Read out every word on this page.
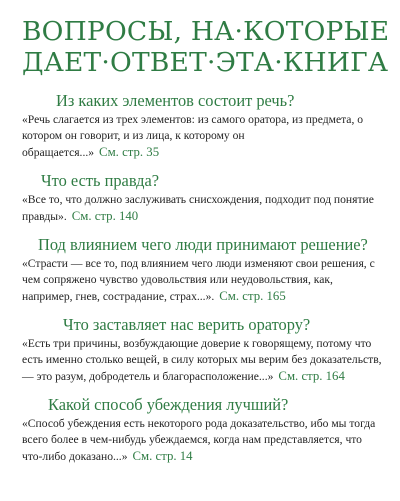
ВОПРОСЫ, НА·КОТОРЫЕ
ДАЕТ·ОТВЕТ·ЭТА·КНИГА
Из каких элементов состоит речь?

«Речь слагается из трех элементов: из самого оратора, из предмета, о котором он говорит, и из лица, к которому он обращается...» См. стр. 35

Что есть правда?

«Все то, что должно заслуживать снисхождения, подходит под понятие правды». См. стр. 140

Под влиянием чего люди принимают решение?

«Страсти — все то, под влиянием чего люди изменяют свои решения, с чем сопряжено чувство удовольствия или неудовольствия, как, например, гнев, сострадание, страх...». См. стр. 165

Что заставляет нас верить оратору?

«Есть три причины, возбуждающие доверие к говорящему, потому что есть именно столько вещей, в силу которых мы верим без доказательств,— это разум, добродетель и благорасположение...» См. стр. 164

Какой способ убеждения лучший?

«Способ убеждения есть некоторого рода доказательство, ибо мы тогда всего более в чем-нибудь убеждаемся, когда нам представляется, что что-либо доказано...» См. стр. 14
